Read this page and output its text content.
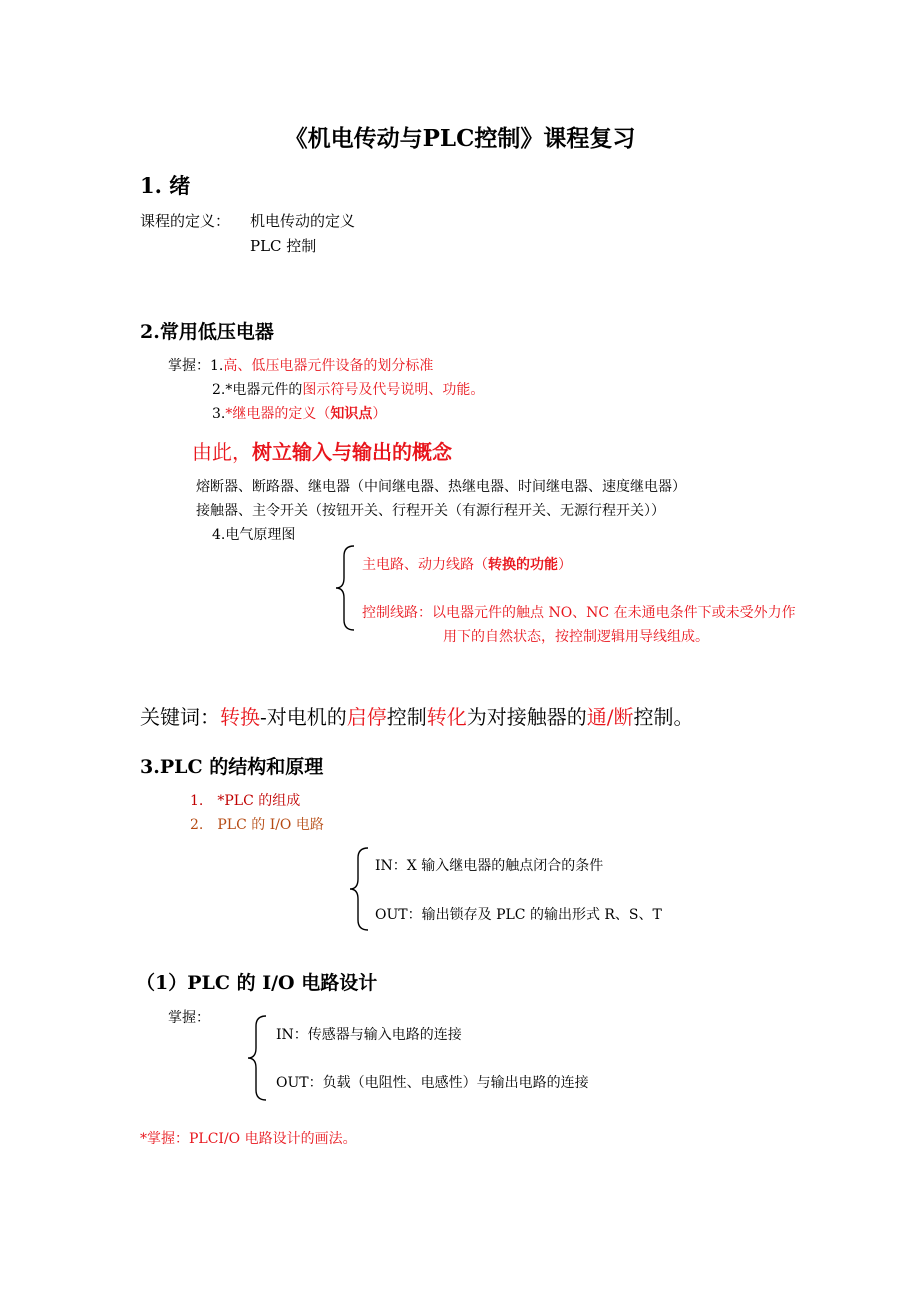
《机电传动与PLC控制》课程复习
1. 绪
课程的定义： 机电传动的定义
PLC 控制
2.常用低压电器
掌握：1.高、低压电器元件设备的划分标准
2.*电器元件的图示符号及代号说明、功能。
3.*继电器的定义（知识点）
由此，树立输入与输出的概念
熔断器、断路器、继电器（中间继电器、热继电器、时间继电器、速度继电器）
接触器、主令开关（按钮开关、行程开关（有源行程开关、无源行程开关））
4.电气原理图
主电路、动力线路（转换的功能）
控制线路：以电器元件的触点 NO、NC 在未通电条件下或未受外力作
用下的自然状态，按控制逻辑用导线组成。
关键词：转换-对电机的启停控制转化为对接触器的通/断控制。
3.PLC 的结构和原理
1. *PLC 的组成
2. PLC 的 I/O 电路
IN：X 输入继电器的触点闭合的条件
OUT：输出锁存及 PLC 的输出形式 R、S、T
（1）PLC 的 I/O 电路设计
掌握：
IN：传感器与输入电路的连接
OUT：负载（电阻性、电感性）与输出电路的连接
*掌握：PLCI/O 电路设计的画法。
